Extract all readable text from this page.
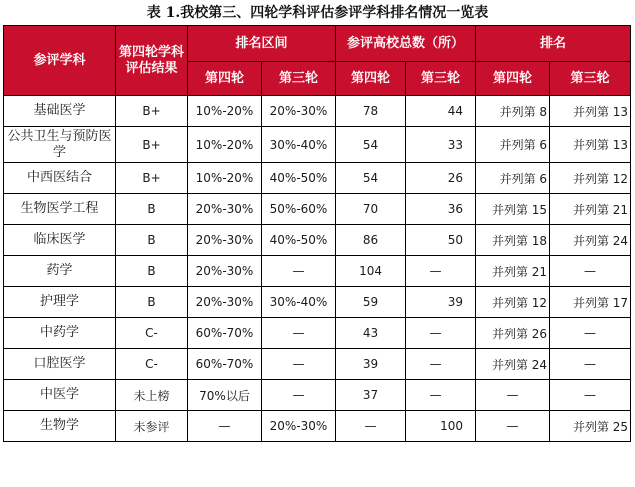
表 1.我校第三、四轮学科评估参评学科排名情况一览表
参评学科	第四轮学科评估结果	排名区间		参评高校总数（所）		排名	
		第四轮	第三轮	第四轮	第三轮	第四轮	第三轮
基础医学	B+	10%-20%	20%-30%	78	44	并列第 8	并列第 13
公共卫生与预防医学	B+	10%-20%	30%-40%	54	33	并列第 6	并列第 13
中西医结合	B+	10%-20%	40%-50%	54	26	并列第 6	并列第 12
生物医学工程	B	20%-30%	50%-60%	70	36	并列第 15	并列第 21
临床医学	B	20%-30%	40%-50%	86	50	并列第 18	并列第 24
药学	B	20%-30%	—	104	—	并列第 21	—
护理学	B	20%-30%	30%-40%	59	39	并列第 12	并列第 17
中药学	C-	60%-70%	—	43	—	并列第 26	—
口腔医学	C-	60%-70%	—	39	—	并列第 24	—
中医学	未上榜	70%以后	—	37	—	—	—
生物学	未参评	—	20%-30%	—	100	—	并列第 25
